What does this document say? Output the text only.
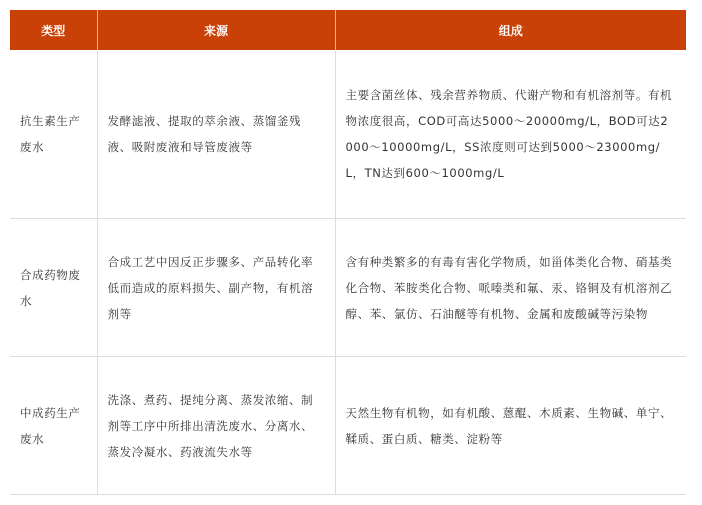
类型	来源	组成
抗生素生产废水	发酵滤液、提取的萃余液、蒸馏釜残液、吸附废液和导管废液等	主要含菌丝体、残余营养物质、代谢产物和有机溶剂等。有机物浓度很高，COD可高达5000～20000mg/L，BOD可达2000～10000mg/L，SS浓度则可达到5000～23000mg/L，TN达到600～1000mg/L
合成药物废水	合成工艺中因反正步骤多、产品转化率低而造成的原料损失、副产物，有机溶剂等	含有种类繁多的有毒有害化学物质，如甾体类化合物、硝基类化合物、苯胺类化合物、哌嗪类和氟、汞、铬铜及有机溶剂乙醇、苯、氯仿、石油醚等有机物、金属和废酸碱等污染物
中成药生产废水	洗涤、煮药、提纯分离、蒸发浓缩、制剂等工序中所排出清洗废水、分离水、蒸发冷凝水、药液流失水等	天然生物有机物，如有机酸、蒽醌、木质素、生物碱、单宁、鞣质、蛋白质、糖类、淀粉等
